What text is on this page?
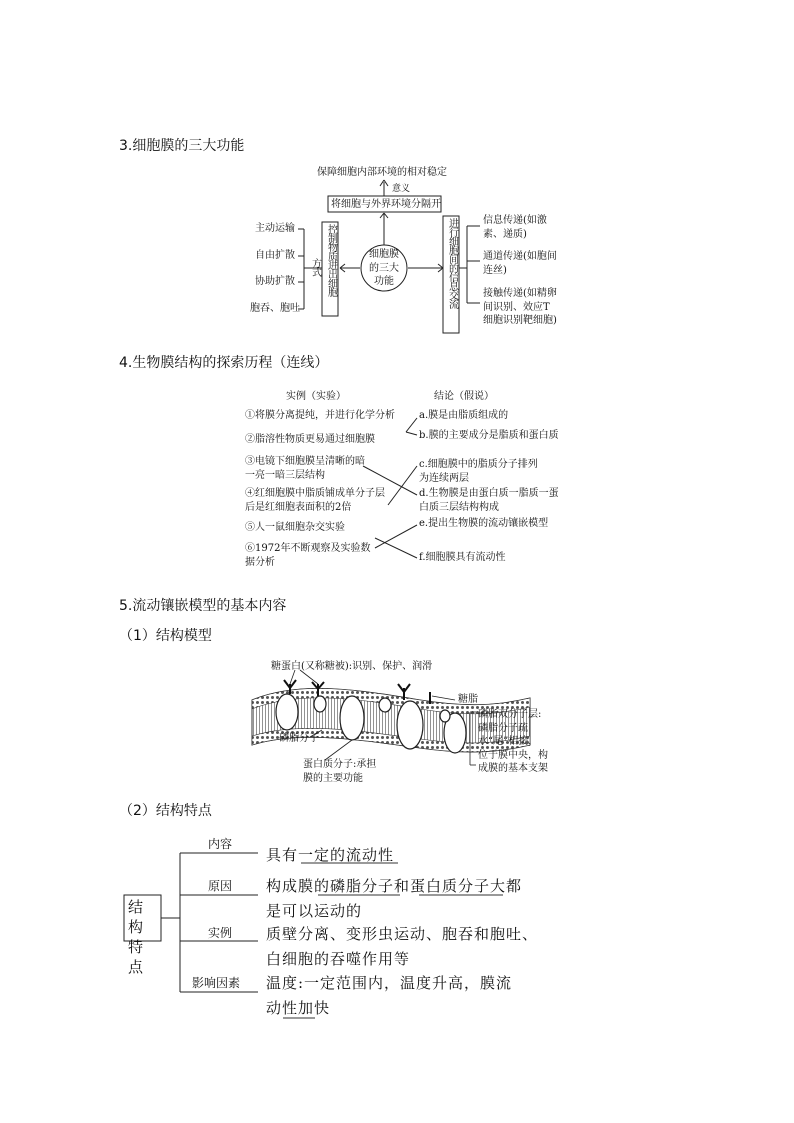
3.细胞膜的三大功能
保障细胞内部环境的相对稳定
意义
将细胞与外界环境分隔开
细胞膜的三大功能
控制物质进出细胞
方式
主动运输
自由扩散
协助扩散
胞吞、胞吐
进行细胞间的信息交流	信息传递(如激素、递质)
通道传递(如胞间连丝)
接触传递(如精卵间识别、效应T细胞识别靶细胞)
4.生物膜结构的探索历程（连线）
实例（实验）	结论（假说）
①将膜分离提纯，并进行化学分析
②脂溶性物质更易通过细胞膜
③电镜下细胞膜呈清晰的暗一亮一暗三层结构
④红细胞膜中脂质铺成单分子层后是红细胞表面积的2倍
⑤人一鼠细胞杂交实验
⑥1972年不断观察及实验数据分析
a.膜是由脂质组成的
b.膜的主要成分是脂质和蛋白质
c.细胞膜中的脂质分子排列为连续两层
d.生物膜是由蛋白质一脂质一蛋白质三层结构构成
e.提出生物膜的流动镶嵌模型
f.细胞膜具有流动性
5.流动镶嵌模型的基本内容
（1）结构模型
糖蛋白(又称糖被):识别、保护、润滑
糖脂
磷脂分子
磷脂双分子层:磷脂分子疏水“尾”相接，位于膜中央，构成膜的基本支架
蛋白质分子:承担膜的主要功能
（2）结构特点
结构特点
内容
原因
实例
影响因素
具有一定的流动性
构成膜的磷脂分子和蛋白质分子大都是可以运动的
质壁分离、变形虫运动、胞吞和胞吐、白细胞的吞噬作用等
温度:一定范围内，温度升高，膜流动性加快
